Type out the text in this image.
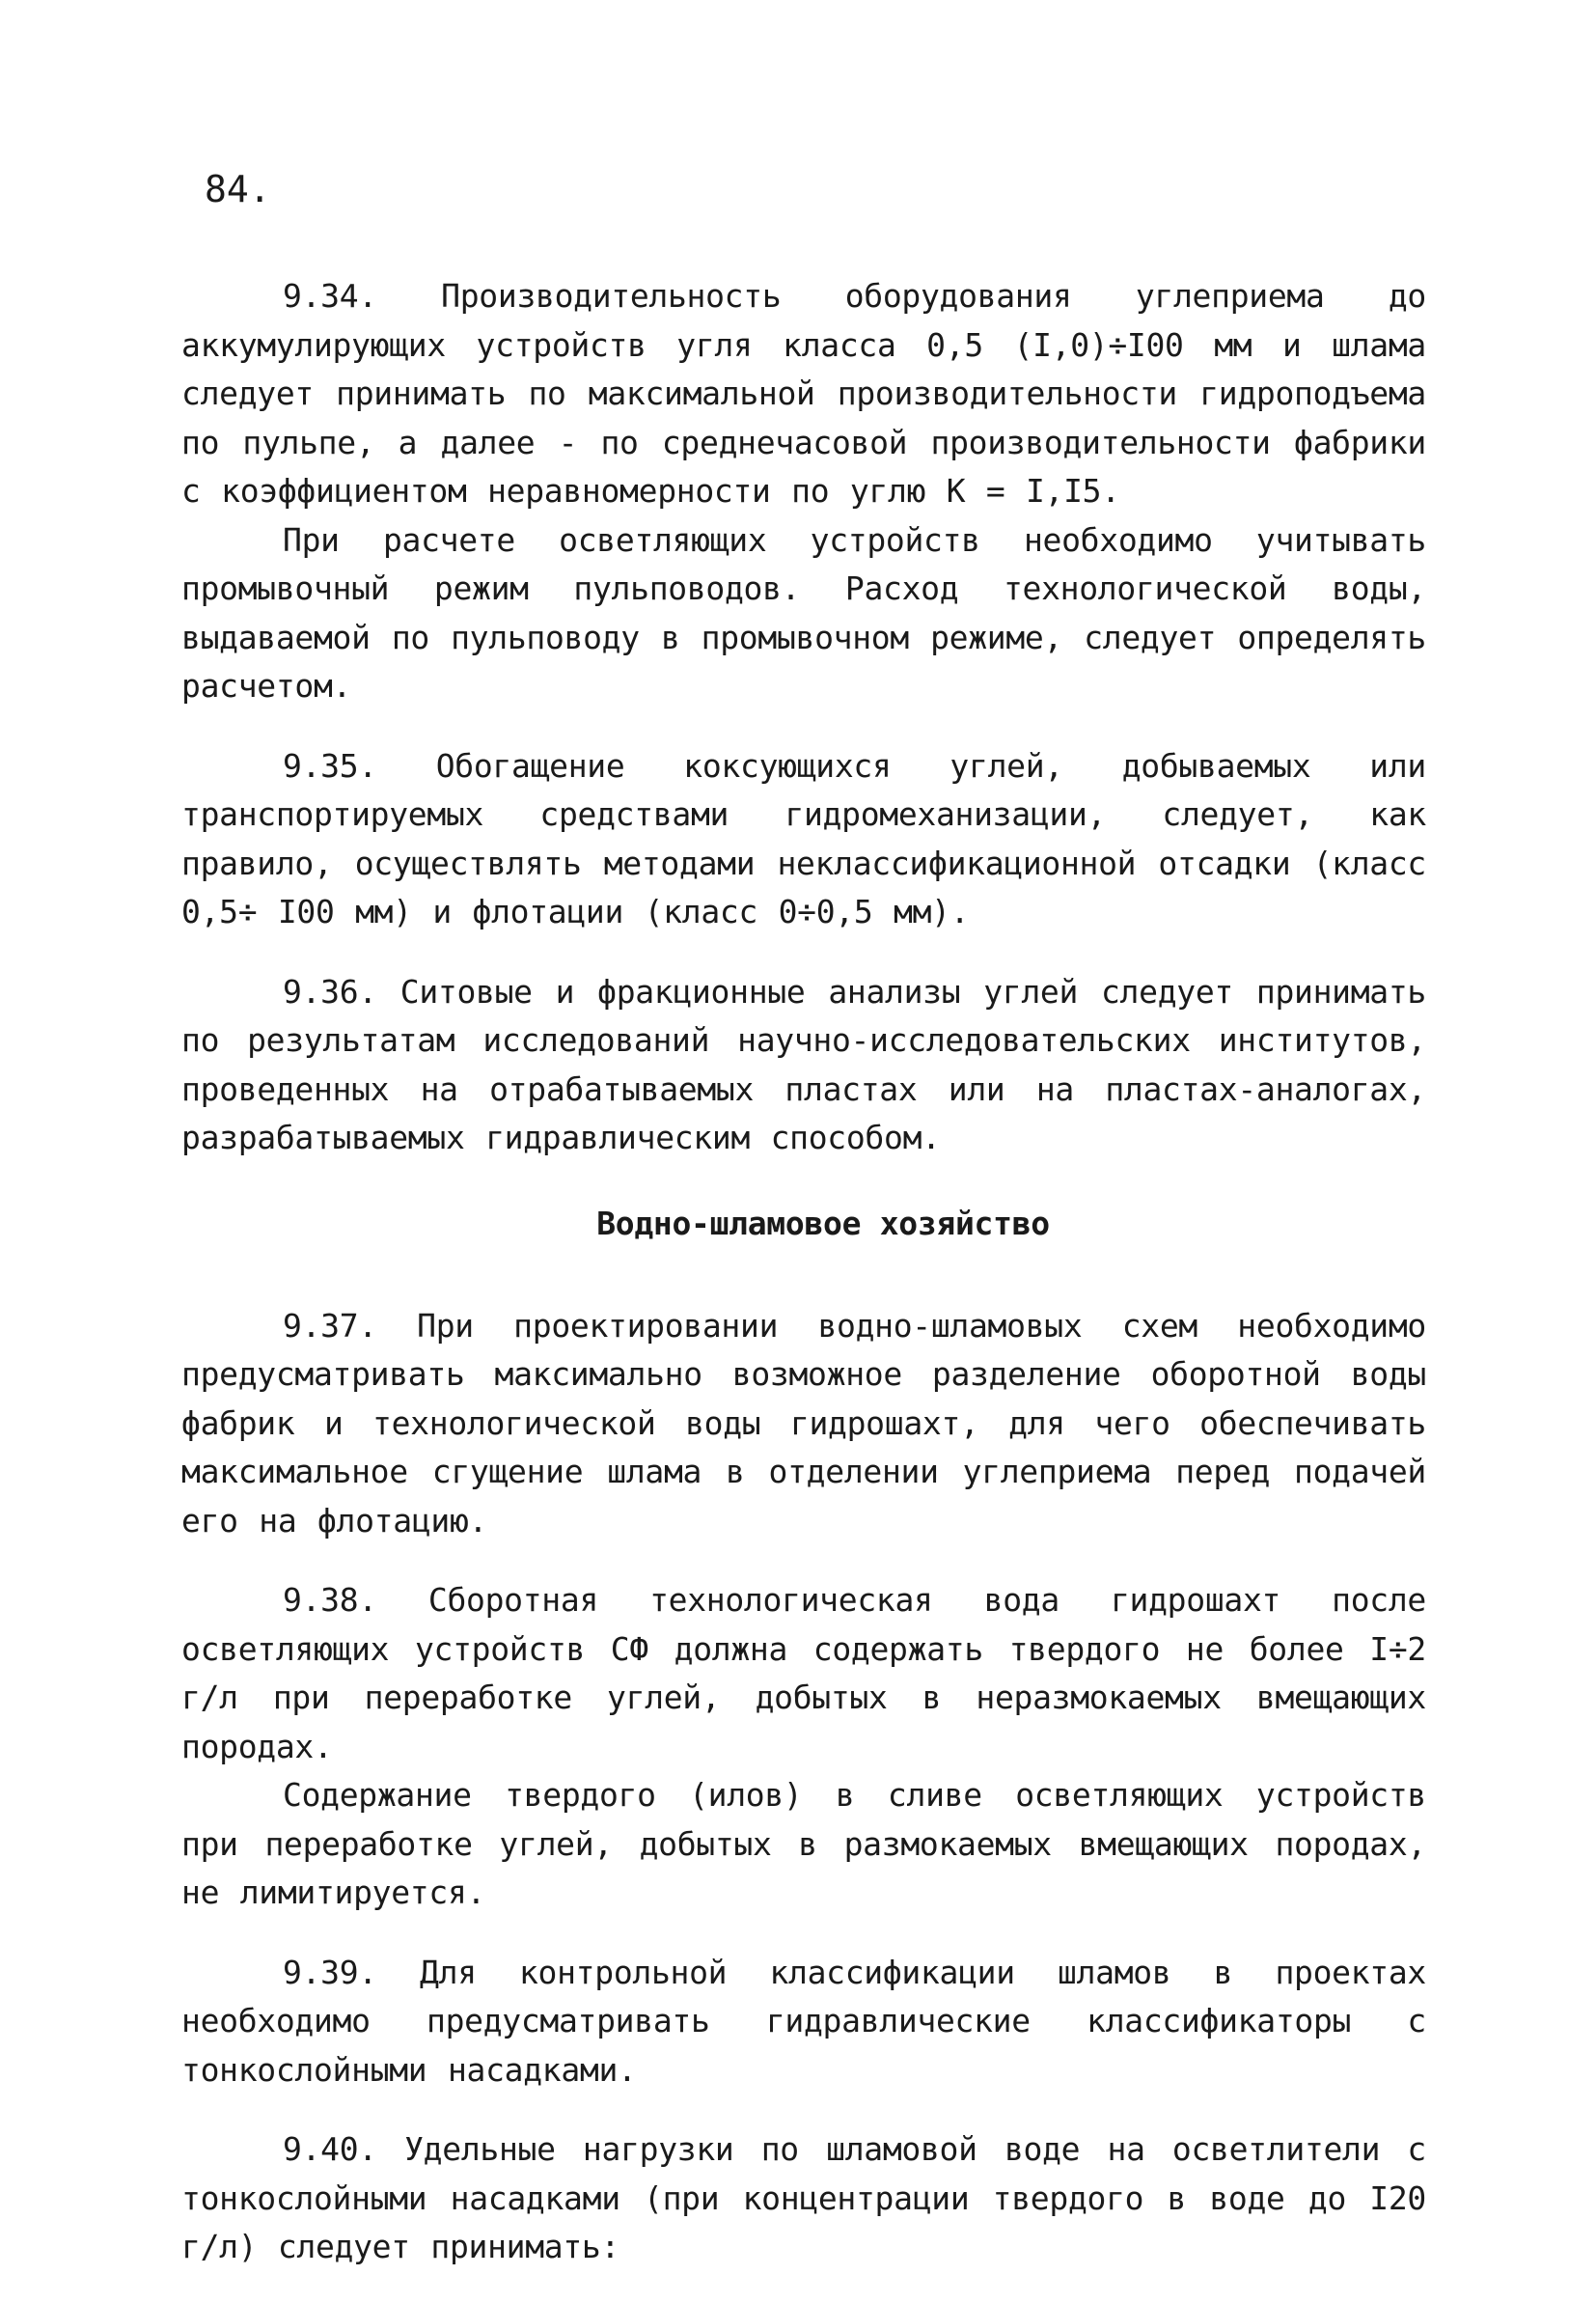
84.

9.34. Производительность оборудования углеприема до аккумулирующих устройств угля класса 0,5 (I,0)÷I00 мм и шлама следует принимать по максимальной производительности гидроподъема по пульпе, а далее - по среднечасовой производительности фабрики с коэффициентом неравномерности по углю К = I,I5.

При расчете осветляющих устройств необходимо учитывать промывочный режим пульповодов. Расход технологической воды, выдаваемой по пульповоду в промывочном режиме, следует определять расчетом.

9.35. Обогащение коксующихся углей, добываемых или транспортируемых средствами гидромеханизации, следует, как правило, осуществлять методами неклассификационной отсадки (класс 0,5÷ I00 мм) и флотации (класс 0÷0,5 мм).

9.36. Ситовые и фракционные анализы углей следует принимать по результатам исследований научно-исследовательских институтов, проведенных на отрабатываемых пластах или на пластах-аналогах, разрабатываемых гидравлическим способом.

Водно-шламовое хозяйство

9.37. При проектировании водно-шламовых схем необходимо предусматривать максимально возможное разделение оборотной воды фабрик и технологической воды гидрошахт, для чего обеспечивать максимальное сгущение шлама в отделении углеприема перед подачей его на флотацию.

9.38. Сборотная технологическая вода гидрошахт после осветляющих устройств СФ должна содержать твердого не более I÷2 г/л при переработке углей, добытых в неразмокаемых вмещающих породах.

Содержание твердого (илов) в сливе осветляющих устройств при переработке углей, добытых в размокаемых вмещающих породах, не лимитируется.

9.39. Для контрольной классификации шламов в проектах необходимо предусматривать гидравлические классификаторы с тонкослойными насадками.

9.40. Удельные нагрузки по шламовой воде на осветлители с тонкослойными насадками (при концентрации твердого в воде до I20 г/л) следует принимать:
